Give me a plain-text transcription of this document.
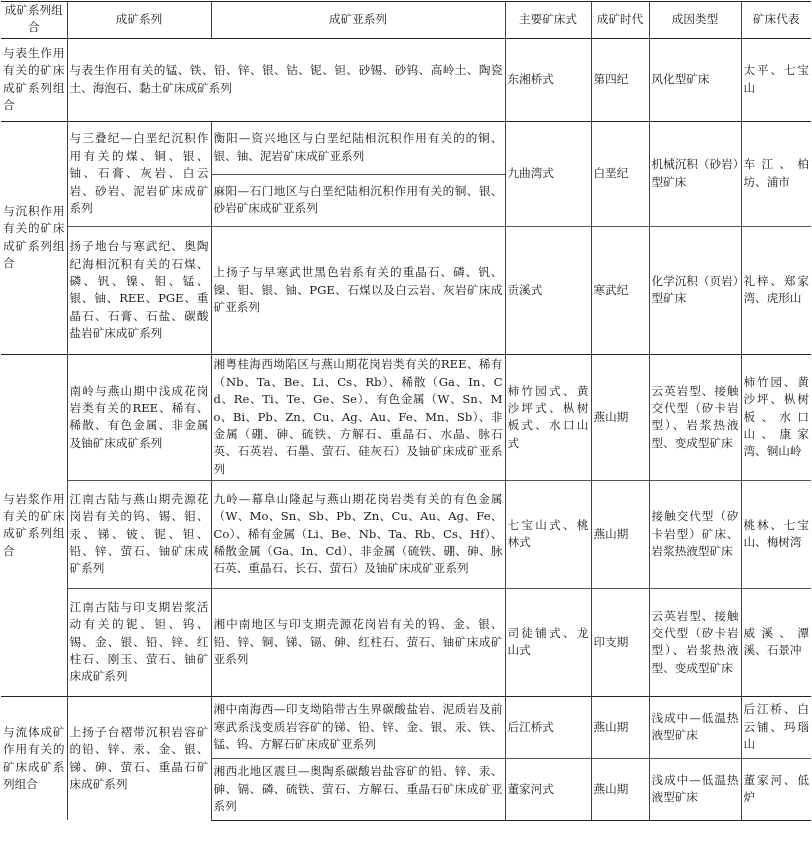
成矿系列组合	成矿系列	成矿亚系列	主要矿床式	成矿时代	成因类型	矿床代表
与表生作用有关的矿床成矿系列组合	与表生作用有关的锰、铁、铅、锌、银、钴、铌、钽、砂锡、砂钨、高岭土、陶瓷土、海泡石、黏土矿床成矿系列		东湘桥式	第四纪	风化型矿床	太平、七宝山
与沉积作用有关的矿床成矿系列组合	与三叠纪—白垩纪沉积作用有关的煤、铜、银、铀、石膏、灰岩、白云岩、砂岩、泥岩矿床成矿系列	衡阳—资兴地区与白垩纪陆相沉积作用有关的的铜、银、铀、泥岩矿床成矿亚系列	九曲湾式	白垩纪	机械沉积（砂岩）型矿床	车江、柏坊、浦市
		麻阳—石门地区与白垩纪陆相沉积作用有关的铜、银、砂岩矿床成矿亚系列				
	扬子地台与寒武纪、奥陶纪海相沉积有关的石煤、磷、钒、镍、钼、锰、银、铀、REE、PGE、重晶石、石膏、石盐、碳酸盐岩矿床成矿系列	上扬子与早寒武世黑色岩系有关的重晶石、磷、钒、镍、钼、银、铀、PGE、石煤以及白云岩、灰岩矿床成矿亚系列	贡溪式	寒武纪	化学沉积（页岩）型矿床	礼梓、郑家湾、虎形山
与岩浆作用有关的矿床成矿系列组合	南岭与燕山期中浅成花岗岩类有关的REE、稀有、稀散、有色金属、非金属及铀矿床成矿系列	湘粤桂海西坳陷区与燕山期花岗岩类有关的REE、稀有（Nb、Ta、Be、Li、Cs、Rb）、稀散（Ga、In、Cd、Re、Ti、Te、Ge、Se）、有色金属（W、Sn、Mo、Bi、Pb、Zn、Cu、Ag、Au、Fe、Mn、Sb）、非金属（硼、砷、硫铁、方解石、重晶石、水晶、脉石英、石英岩、石墨、萤石、硅灰石）及铀矿床成矿亚系列	柿竹园式、黄沙坪式、枞树板式、水口山式	燕山期	云英岩型、接触交代型（矽卡岩型）、岩浆热液型、变成型矿床	柿竹园、黄沙坪、枞树板、水口山、康家湾、铜山岭
	江南古陆与燕山期壳源花岗岩有关的钨、锡、钼、汞、锑、铍、铌、钽、铅、锌、萤石、铀矿床成矿系列	九岭—幕阜山隆起与燕山期花岗岩类有关的有色金属（W、Mo、Sn、Sb、Pb、Zn、Cu、Au、Ag、Fe、Co）、稀有金属（Li、Be、Nb、Ta、Rb、Cs、Hf）、稀散金属（Ga、In、Cd）、非金属（硫铁、硼、砷、脉石英、重晶石、长石、萤石）及铀矿床成矿亚系列	七宝山式、桃林式	燕山期	接触交代型（矽卡岩型）矿床、岩浆热液型矿床	桃林、七宝山、梅树湾
	江南古陆与印支期岩浆活动有关的铌、钽、钨、锡、金、银、铅、锌、红柱石、刚玉、萤石、铀矿床成矿系列	湘中南地区与印支期壳源花岗岩有关的钨、金、银、铅、锌、铜、锑、镉、砷、红柱石、萤石、铀矿床成矿亚系列	司徒铺式、龙山式	印支期	云英岩型、接触交代型（矽卡岩型）、岩浆热液型、变成型矿床	威溪、潭溪、石景冲
与流体成矿作用有关的矿床成矿系列组合	上扬子台褶带沉积岩容矿的铅、锌、汞、金、银、锑、砷、萤石、重晶石矿床成矿系列	湘中南海西—印支坳陷带古生界碳酸盐岩、泥质岩及前寒武系浅变质岩容矿的锑、铅、锌、金、银、汞、铁、锰、钨、方解石矿床成矿亚系列	后江桥式	燕山期	浅成中—低温热液型矿床	后江桥、白云铺、玛瑙山
		湘西北地区震旦—奥陶系碳酸岩盐容矿的铅、锌、汞、砷、镉、磷、硫铁、萤石、方解石、重晶石矿床成矿亚系列	董家河式	燕山期	浅成中—低温热液型矿床	董家河、低炉
